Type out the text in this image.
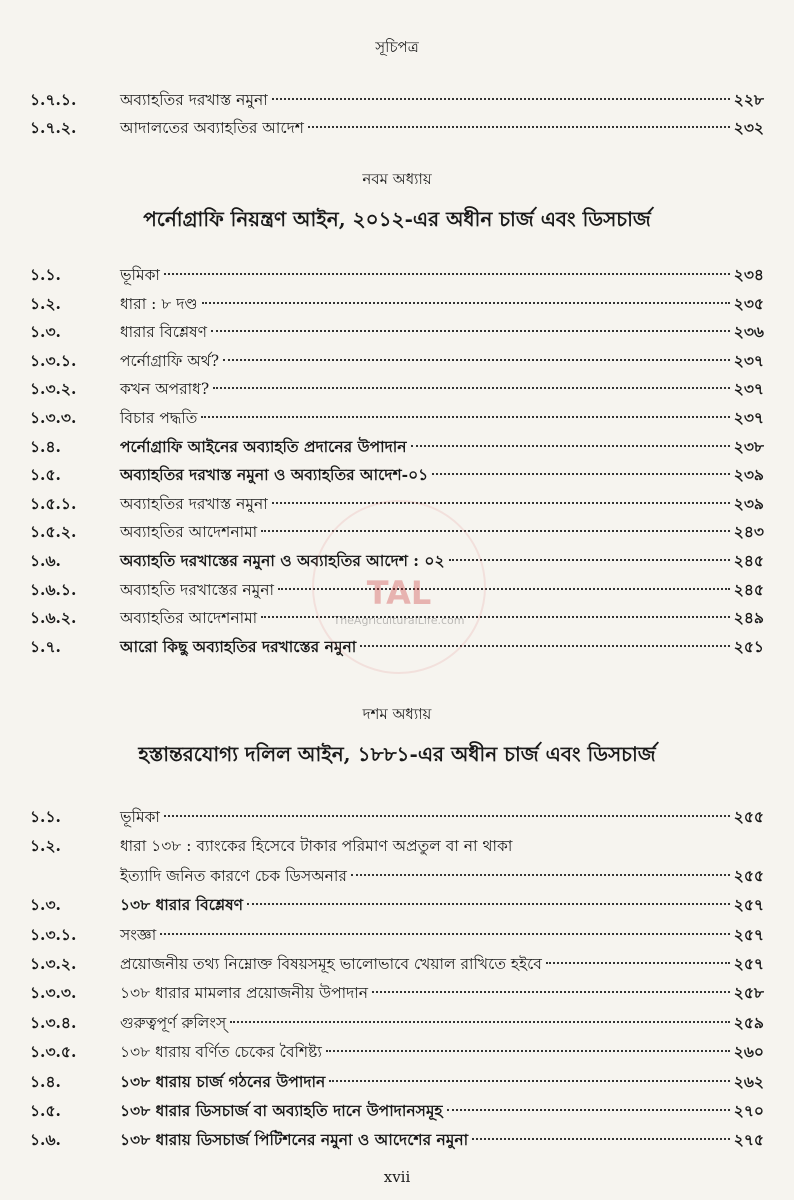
সূচিপত্র
১.৭.১.	অব্যাহতির দরখাস্ত নমুনা	২২৮
১.৭.২.	আদালতের অব্যাহতির আদেশ	২৩২
নবম অধ্যায়
পর্নোগ্রাফি নিয়ন্ত্রণ আইন, ২০১২-এর অধীন চার্জ এবং ডিসচার্জ
১.১.	ভূমিকা	২৩৪
১.২.	ধারা : ৮ দণ্ড	২৩৫
১.৩.	ধারার বিশ্লেষণ	২৩৬
১.৩.১.	পর্নোগ্রাফি অর্থ?	২৩৭
১.৩.২.	কখন অপরাধ?	২৩৭
১.৩.৩.	বিচার পদ্ধতি	২৩৭
১.৪.	পর্নোগ্রাফি আইনের অব্যাহতি প্রদানের উপাদান	২৩৮
১.৫.	অব্যাহতির দরখাস্ত নমুনা ও অব্যাহতির আদেশ-০১	২৩৯
১.৫.১.	অব্যাহতির দরখাস্ত নমুনা	২৩৯
১.৫.২.	অব্যাহতির আদেশনামা	২৪৩
১.৬.	অব্যাহতি দরখাস্তের নমুনা ও অব্যাহতির আদেশ : ০২	২৪৫
১.৬.১.	অব্যাহতি দরখাস্তের নমুনা	২৪৫
১.৬.২.	অব্যাহতির আদেশনামা	২৪৯
১.৭.	আরো কিছু অব্যাহতির দরখাস্তের নমুনা	২৫১
দশম অধ্যায়
হস্তান্তরযোগ্য দলিল আইন, ১৮৮১-এর অধীন চার্জ এবং ডিসচার্জ
১.১.	ভূমিকা	২৫৫
১.২.	ধারা ১৩৮ : ব্যাংকের হিসেবে টাকার পরিমাণ অপ্রতুল বা না থাকা
ইত্যাদি জনিত কারণে চেক ডিসঅনার	২৫৫
১.৩.	১৩৮ ধারার বিশ্লেষণ	২৫৭
১.৩.১.	সংজ্ঞা	২৫৭
১.৩.২.	প্রয়োজনীয় তথ্য নিম্নোক্ত বিষয়সমূহ ভালোভাবে খেয়াল রাখিতে হইবে	২৫৭
১.৩.৩.	১৩৮ ধারার মামলার প্রয়োজনীয় উপাদান	২৫৮
১.৩.৪.	গুরুত্বপূর্ণ রুলিংস্	২৫৯
১.৩.৫.	১৩৮ ধারায় বর্ণিত চেকের বৈশিষ্ট্য	২৬০
১.৪.	১৩৮ ধারায় চার্জ গঠনের উপাদান	২৬২
১.৫.	১৩৮ ধারার ডিসচার্জ বা অব্যাহতি দানে উপাদানসমূহ	২৭০
১.৬.	১৩৮ ধারায় ডিসচার্জ পিটিশনের নমুনা ও আদেশের নমুনা	২৭৫
TAL
TheAgriculturalLife.com
xvii
